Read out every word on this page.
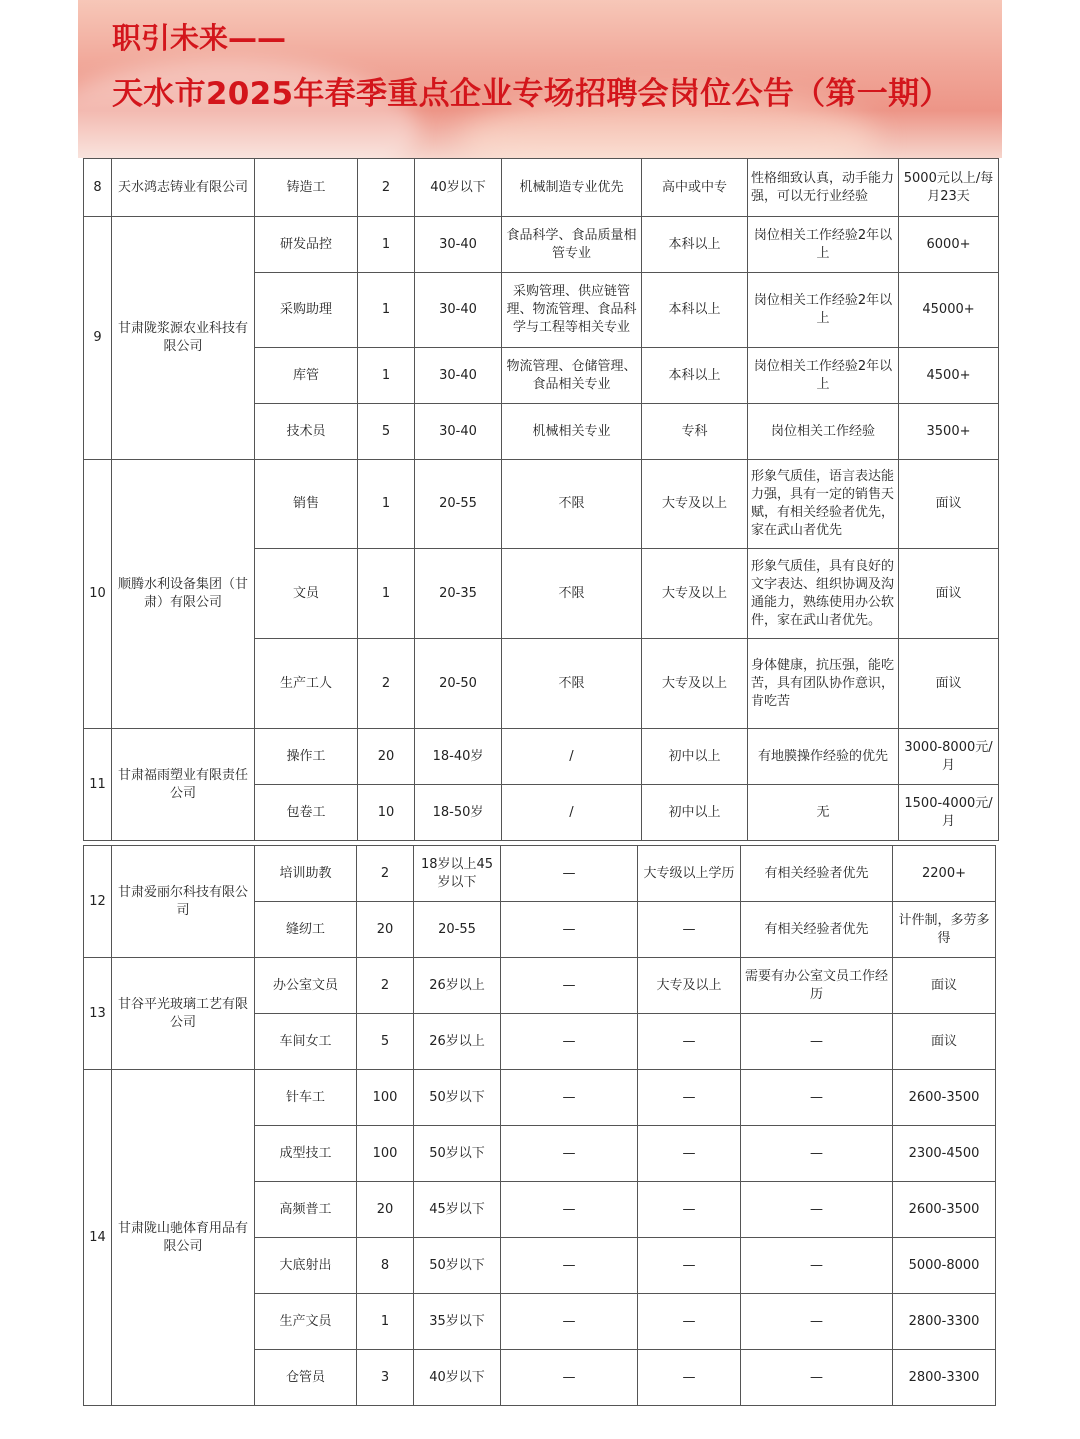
职引未来——
天水市2025年春季重点企业专场招聘会岗位公告（第一期）
8	天水鸿志铸业有限公司	铸造工	2	40岁以下	机械制造专业优先	高中或中专	性格细致认真，动手能力强，可以无行业经验	5000元以上/每月23天
9	甘肃陇浆源农业科技有限公司	研发品控	1	30-40	食品科学、食品质量相管专业	本科以上	岗位相关工作经验2年以上	6000+
		采购助理	1	30-40	采购管理、供应链管理、物流管理、食品科学与工程等相关专业	本科以上	岗位相关工作经验2年以上	45000+
		库管	1	30-40	物流管理、仓储管理、食品相关专业	本科以上	岗位相关工作经验2年以上	4500+
		技术员	5	30-40	机械相关专业	专科	岗位相关工作经验	3500+
10	顺腾水利设备集团（甘肃）有限公司	销售	1	20-55	不限	大专及以上	形象气质佳，语言表达能力强，具有一定的销售天赋，有相关经验者优先，家在武山者优先	面议
		文员	1	20-35	不限	大专及以上	形象气质佳，具有良好的文字表达、组织协调及沟通能力，熟练使用办公软件，家在武山者优先。	面议
		生产工人	2	20-50	不限	大专及以上	身体健康，抗压强，能吃苦，具有团队协作意识，肯吃苦	面议
11	甘肃福雨塑业有限责任公司	操作工	20	18-40岁	/	初中以上	有地膜操作经验的优先	3000-8000元/月
		包卷工	10	18-50岁	/	初中以上	无	1500-4000元/月
12	甘肃爱丽尔科技有限公司	培训助教	2	18岁以上45岁以下	—	大专级以上学历	有相关经验者优先	2200+
		缝纫工	20	20-55	—	—	有相关经验者优先	计件制，多劳多得
13	甘谷平光玻璃工艺有限公司	办公室文员	2	26岁以上	—	大专及以上	需要有办公室文员工作经历	面议
		车间女工	5	26岁以上	—	—	—	面议
14	甘肃陇山驰体育用品有限公司	针车工	100	50岁以下	—	—	—	2600-3500
		成型技工	100	50岁以下	—	—	—	2300-4500
		高频普工	20	45岁以下	—	—	—	2600-3500
		大底射出	8	50岁以下	—	—	—	5000-8000
		生产文员	1	35岁以下	—	—	—	2800-3300
		仓管员	3	40岁以下	—	—	—	2800-3300
